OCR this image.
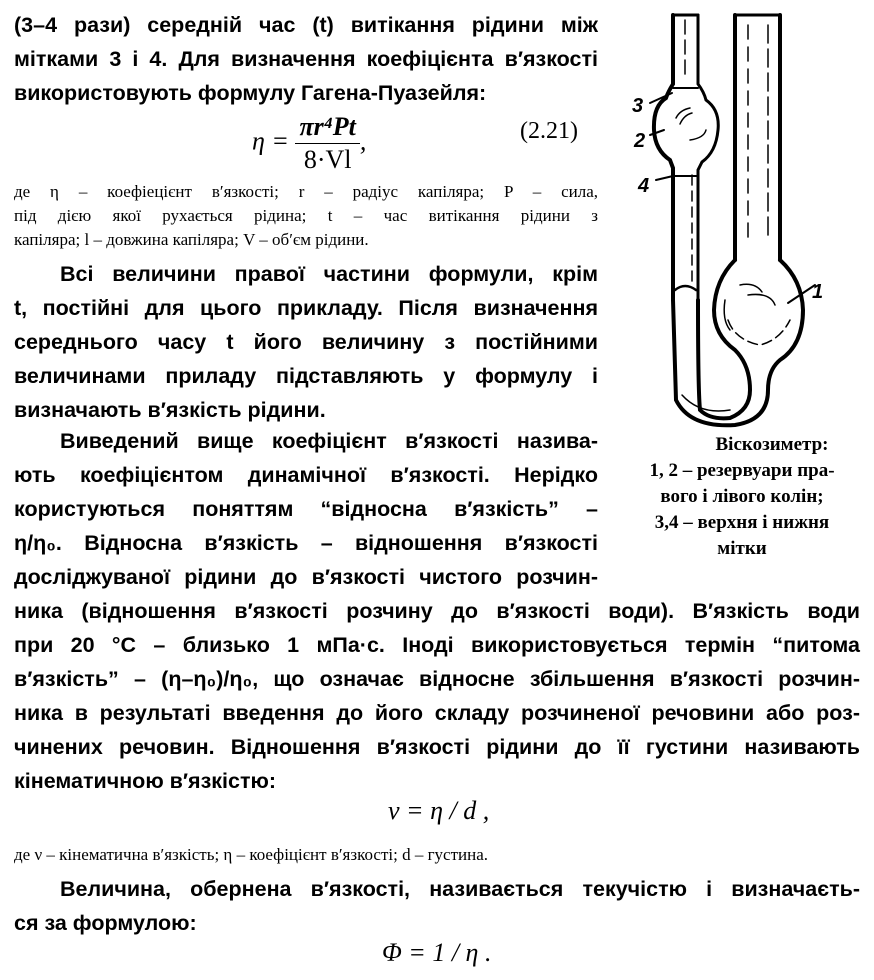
(3–4 рази) середній час (t) витікання рідини між
мітками 3 і 4. Для визначення коефіцієнта в′язкості
використовують формулу Гагена-Пуазейля:
$\eta = \frac{\text{πr⁴Pt}}{8\cdot Vl}$ ,	(2.21)
де η – коефіецієнт в′язкості; r – радіус капіляра; P – сила,
під дією якої рухається рідина; t – час витікання рідини з
капіляра; l – довжина капіляра; V – об′єм рідини.
Всі величини правої частини формули, крім
t, постійні для цього прикладу. Після визначення
середнього часу t його величину з постійними
величинами приладу підставляють у формулу і
визначають в′язкість рідини.
Виведений вище коефіцієнт в′язкості назива-
ють коефіцієнтом динамічної в′язкості. Нерідко
користуються поняттям “відносна в′язкість” –
η/η₀. Відносна в′язкість – відношення в′язкості
досліджуваної рідини до в′язкості чистого розчин-
ника (відношення в′язкості розчину до в′язкості води). В′язкість води
при 20 °С – близько 1 мПа·с. Іноді використовується термін “питома
в′язкість” – (η–η₀)/η₀, що означає відносне збільшення в′язкості розчин-
ника в результаті введення до його складу розчиненої речовини або роз-
чинених речовин. Відношення в′язкості рідини до її густини називають
кінематичною в′язкістю:
ν = η / d ,
де ν – кінематична в′язкість; η – коефіцієнт в′язкості; d – густина.
Величина, обернена в′язкості, називається текучістю і визначаєть-
ся за формулою:
Φ = 1 / η .
3
2
4
1
Віскозиметр:
1, 2 – резервуари пра-
вого і лівого колін;
3,4 – верхня і нижня
мітки
